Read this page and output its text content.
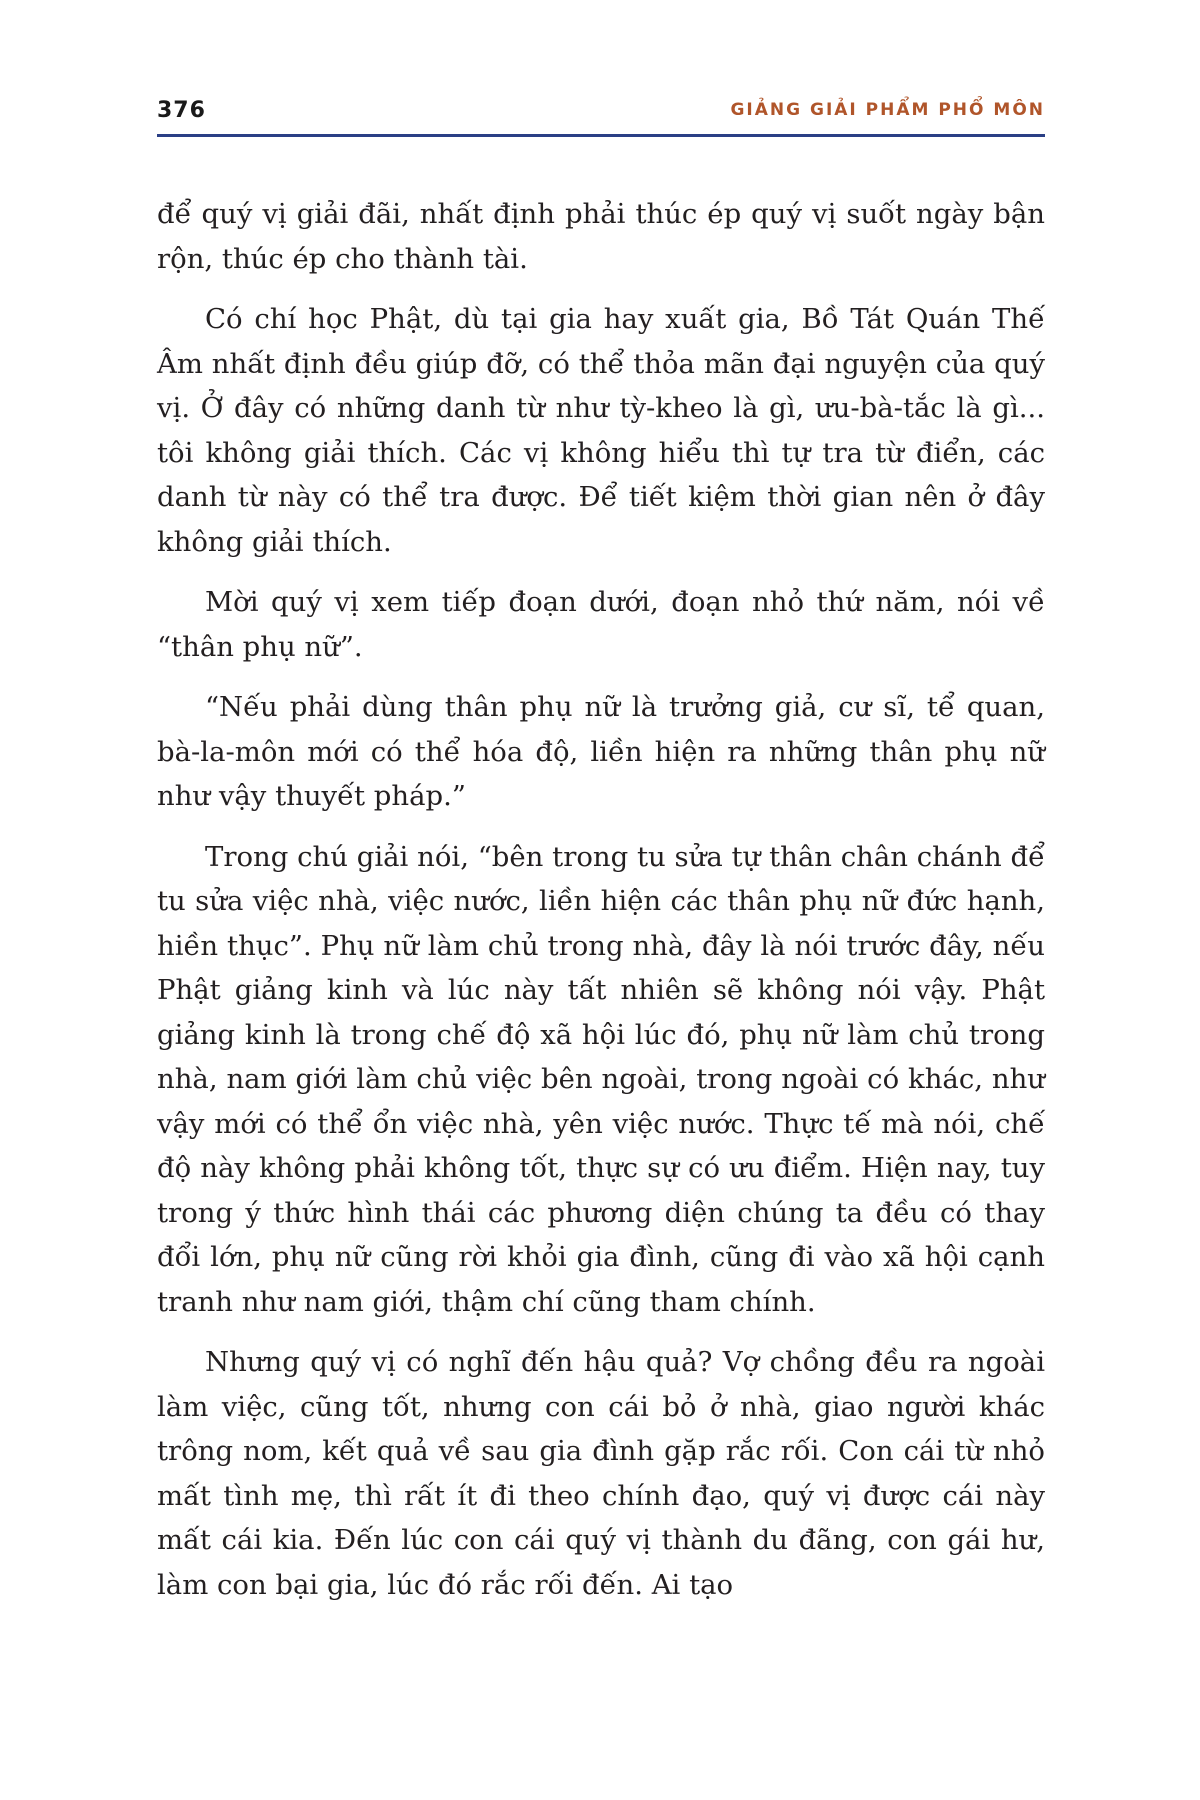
376	GIẢNG GIẢI PHẨM PHỔ MÔN

để quý vị giải đãi, nhất định phải thúc ép quý vị suốt ngày bận rộn, thúc ép cho thành tài.

Có chí học Phật, dù tại gia hay xuất gia, Bồ Tát Quán Thế Âm nhất định đều giúp đỡ, có thể thỏa mãn đại nguyện của quý vị. Ở đây có những danh từ như tỳ-kheo là gì, ưu-bà-tắc là gì... tôi không giải thích. Các vị không hiểu thì tự tra từ điển, các danh từ này có thể tra được. Để tiết kiệm thời gian nên ở đây không giải thích.

Mời quý vị xem tiếp đoạn dưới, đoạn nhỏ thứ năm, nói về “thân phụ nữ”.

“Nếu phải dùng thân phụ nữ là trưởng giả, cư sĩ, tể quan, bà-la-môn mới có thể hóa độ, liền hiện ra những thân phụ nữ như vậy thuyết pháp.”

Trong chú giải nói, “bên trong tu sửa tự thân chân chánh để tu sửa việc nhà, việc nước, liền hiện các thân phụ nữ đức hạnh, hiền thục”. Phụ nữ làm chủ trong nhà, đây là nói trước đây, nếu Phật giảng kinh và lúc này tất nhiên sẽ không nói vậy. Phật giảng kinh là trong chế độ xã hội lúc đó, phụ nữ làm chủ trong nhà, nam giới làm chủ việc bên ngoài, trong ngoài có khác, như vậy mới có thể ổn việc nhà, yên việc nước. Thực tế mà nói, chế độ này không phải không tốt, thực sự có ưu điểm. Hiện nay, tuy trong ý thức hình thái các phương diện chúng ta đều có thay đổi lớn, phụ nữ cũng rời khỏi gia đình, cũng đi vào xã hội cạnh tranh như nam giới, thậm chí cũng tham chính.

Nhưng quý vị có nghĩ đến hậu quả? Vợ chồng đều ra ngoài làm việc, cũng tốt, nhưng con cái bỏ ở nhà, giao người khác trông nom, kết quả về sau gia đình gặp rắc rối. Con cái từ nhỏ mất tình mẹ, thì rất ít đi theo chính đạo, quý vị được cái này mất cái kia. Đến lúc con cái quý vị thành du đãng, con gái hư, làm con bại gia, lúc đó rắc rối đến. Ai tạo
